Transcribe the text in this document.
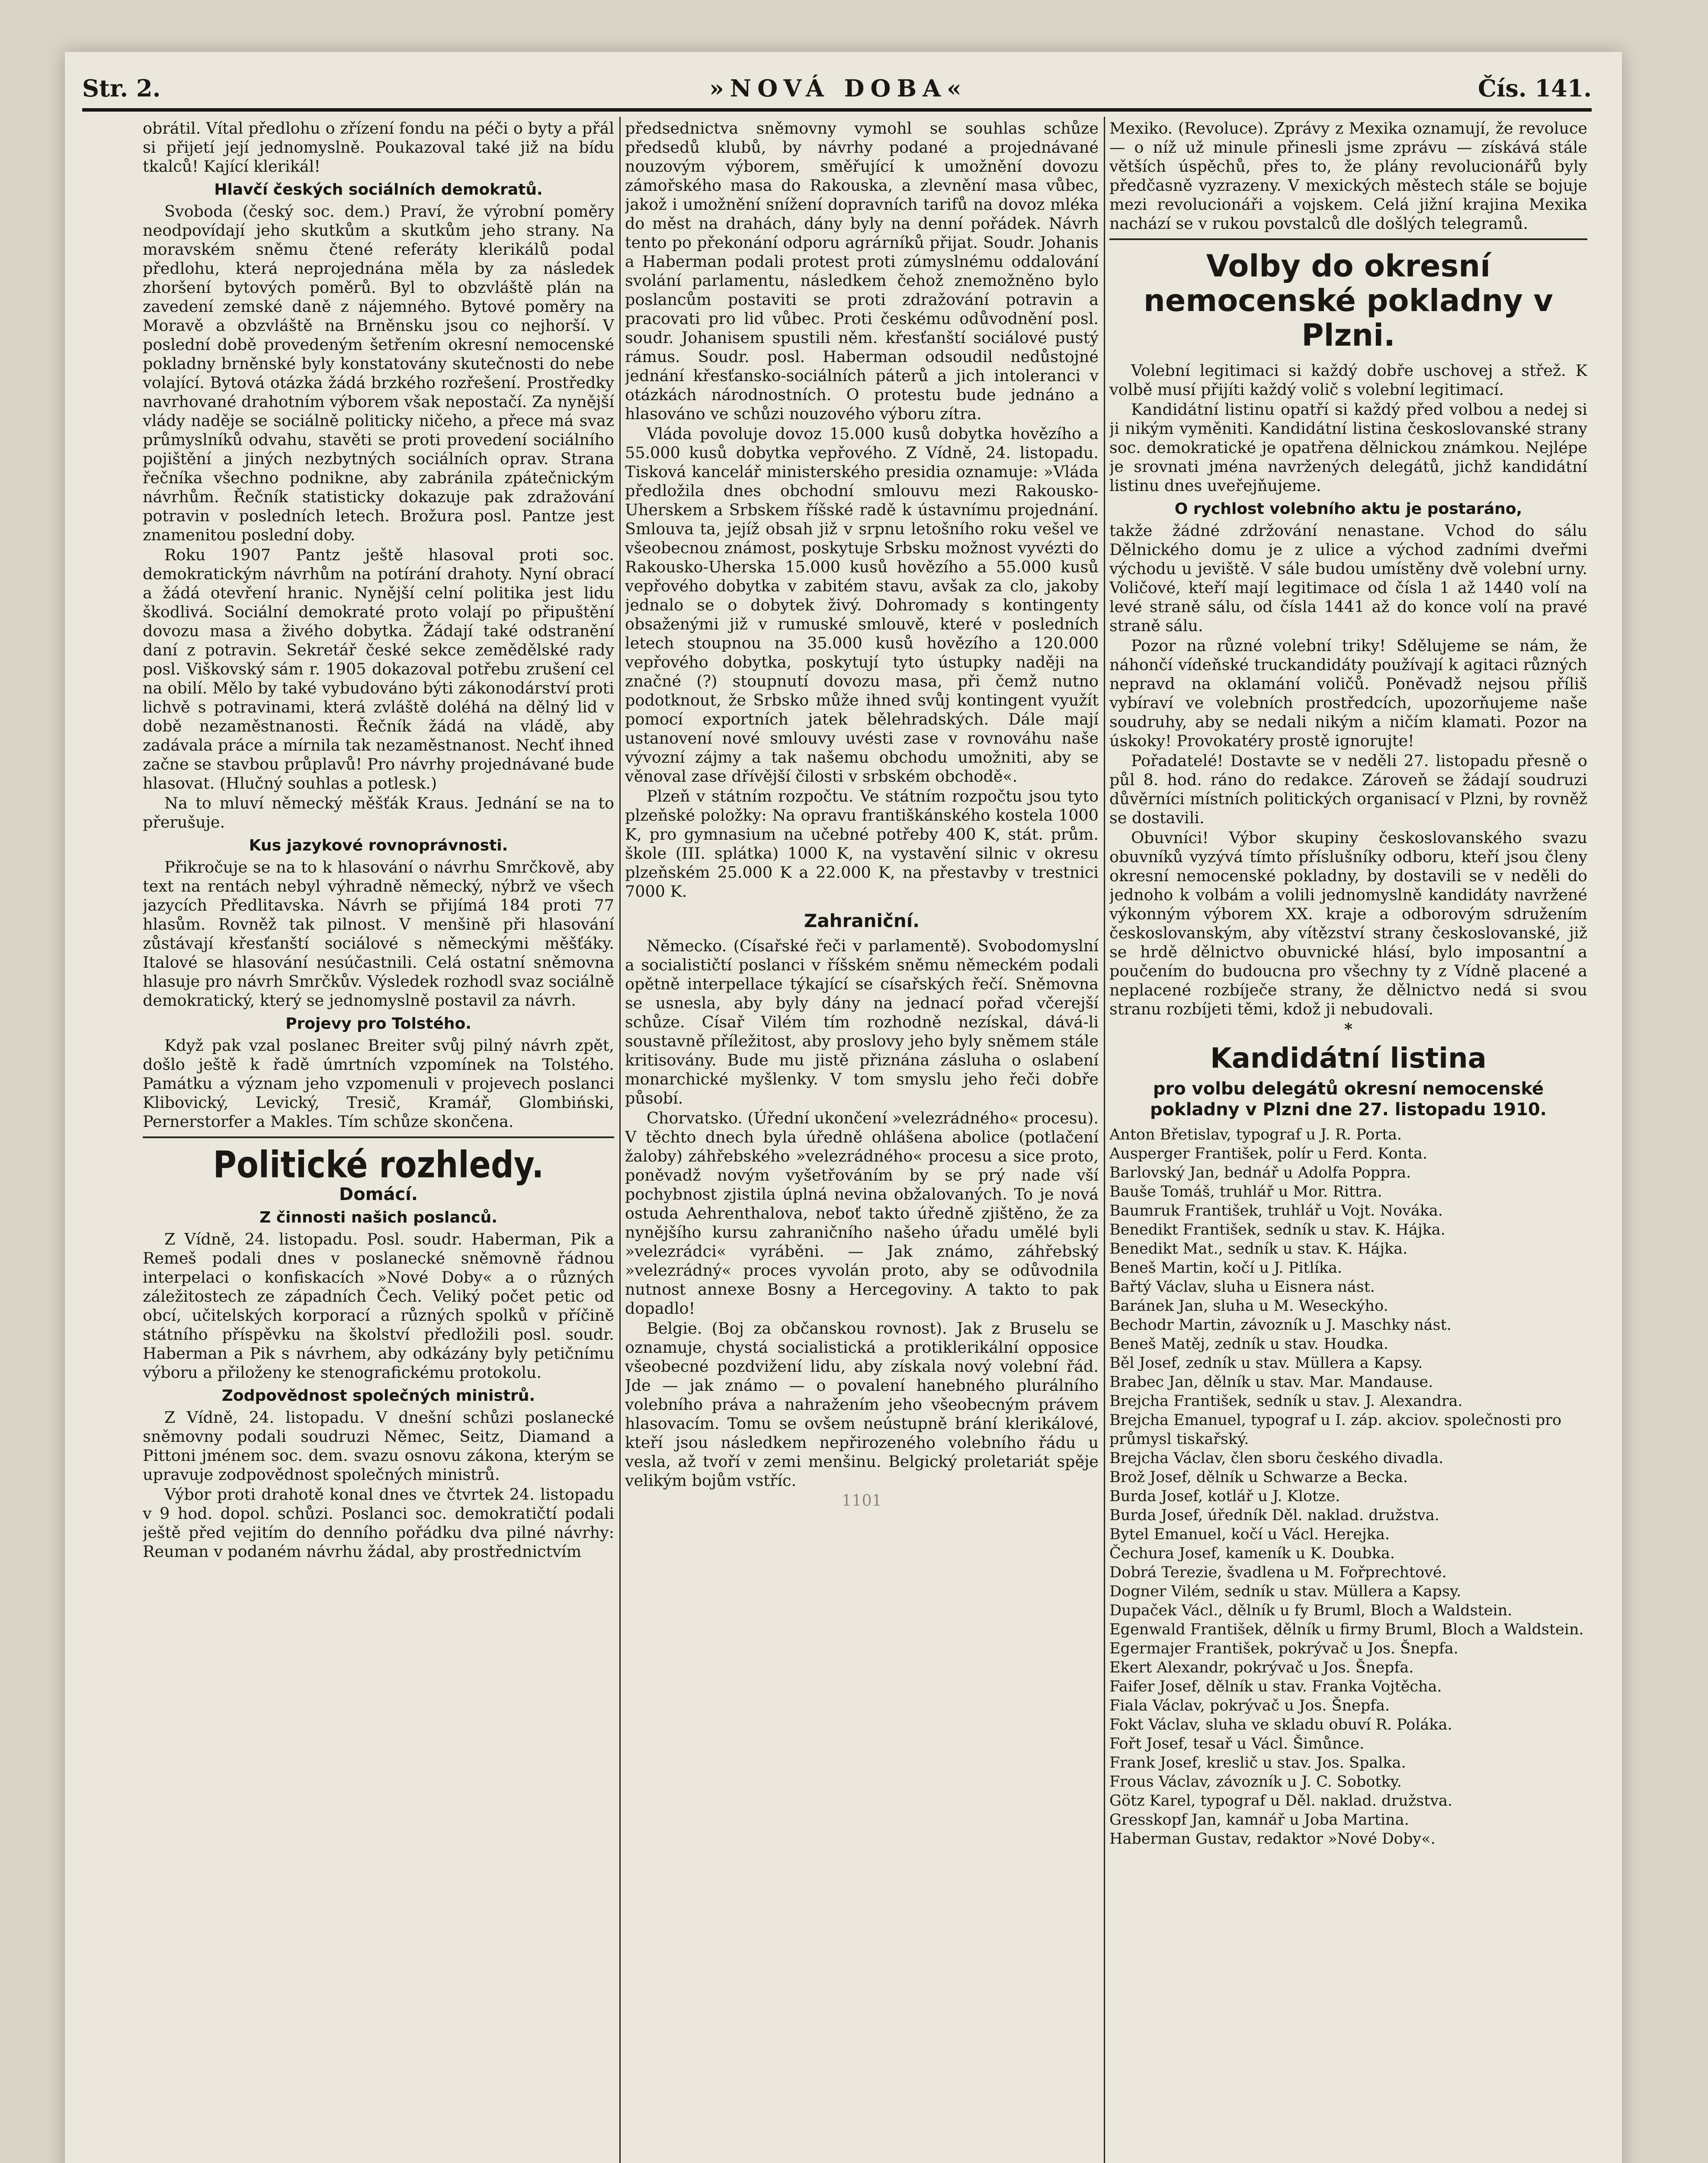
Str. 2.	»NOVÁ DOBA«	Čís. 141.

obrátil. Vítal předlohu o zřízení fondu na péči o byty a přál si přijetí její jednomyslně. Poukazoval také již na bídu tkalců! Kající klerikál!

Hlavčí českých sociálních demokratů.

Svoboda (český soc. dem.) Praví, že výrobní poměry neodpovídají jeho skutkům a skutkům jeho strany. Na moravském sněmu čtené referáty klerikálů podal předlohu, která neprojednána měla by za následek zhoršení bytových poměrů. Byl to obzvláště plán na zavedení zemské daně z nájemného. Bytové poměry na Moravě a obzvláště na Brněnsku jsou co nejhorší. V poslední době provedeným šetřením okresní nemocenské pokladny brněnské byly konstatovány skutečnosti do nebe volající. Bytová otázka žádá brzkého rozřešení. Prostředky navrhované drahotním výborem však nepostačí. Za nynější vlády naděje se sociálně politicky ničeho, a přece má svaz průmyslníků odvahu, stavěti se proti provedení sociálního pojištění a jiných nezbytných sociálních oprav. Strana řečníka všechno podnikne, aby zabránila zpátečnickým návrhům. Řečník statisticky dokazuje pak zdražování potravin v posledních letech. Brožura posl. Pantze jest znamenitou poslední doby.

Roku 1907 Pantz ještě hlasoval proti soc. demokratickým návrhům na potírání drahoty. Nyní obrací a žádá otevření hranic. Nynější celní politika jest lidu škodlivá. Sociální demokraté proto volají po připuštění dovozu masa a živého dobytka. Žádají také odstranění daní z potravin. Sekretář české sekce zemědělské rady posl. Viškovský sám r. 1905 dokazoval potřebu zrušení cel na obilí. Mělo by také vybudováno býti zákonodárství proti lichvě s potravinami, která zvláště doléhá na dělný lid v době nezaměstnanosti. Řečník žádá na vládě, aby zadávala práce a mírnila tak nezaměstnanost. Nechť ihned začne se stavbou průplavů! Pro návrhy projednávané bude hlasovat. (Hlučný souhlas a potlesk.)

Na to mluví německý měšťák Kraus. Jednání se na to přerušuje.

Kus jazykové rovnoprávnosti.

Přikročuje se na to k hlasování o návrhu Smrčkově, aby text na rentách nebyl výhradně německý, nýbrž ve všech jazycích Předlitavska. Návrh se přijímá 184 proti 77 hlasům. Rovněž tak pilnost. V menšině při hlasování zůstávají křesťanští sociálové s německými měšťáky. Italové se hlasování nesúčastnili. Celá ostatní sněmovna hlasuje pro návrh Smrčkův. Výsledek rozhodl svaz sociálně demokratický, který se jednomyslně postavil za návrh.

Projevy pro Tolstého.

Když pak vzal poslanec Breiter svůj pilný návrh zpět, došlo ještě k řadě úmrtních vzpomínek na Tolstého. Památku a význam jeho vzpomenuli v projevech poslanci Klibovický, Levický, Tresič, Kramář, Glombiński, Pernerstorfer a Makles. Tím schůze skončena.

Politické rozhledy.
Domácí.
Z činnosti našich poslanců.

Z Vídně, 24. listopadu. Posl. soudr. Haberman, Pik a Remeš podali dnes v poslanecké sněmovně řádnou interpelaci o konfiskacích »Nové Doby« a o různých záležitostech ze západních Čech. Veliký počet petic od obcí, učitelských korporací a různých spolků v příčině státního příspěvku na školství předložili posl. soudr. Haberman a Pik s návrhem, aby odkázány byly petičnímu výboru a přiloženy ke stenografickému protokolu.

Zodpovědnost společných ministrů.

Z Vídně, 24. listopadu. V dnešní schůzi poslanecké sněmovny podali soudruzi Němec, Seitz, Diamand a Pittoni jménem soc. dem. svazu osnovu zákona, kterým se upravuje zodpovědnost společných ministrů.

Výbor proti drahotě konal dnes ve čtvrtek 24. listopadu v 9 hod. dopol. schůzi. Poslanci soc. demokratičtí podali ještě před vejitím do denního pořádku dva pilné návrhy: Reuman v podaném návrhu žádal, aby prostřednictvím

předsednictva sněmovny vymohl se souhlas schůze předsedů klubů, by návrhy podané a projednávané nouzovým výborem, směřující k umožnění dovozu zámořského masa do Rakouska, a zlevnění masa vůbec, jakož i umožnění snížení dopravních tarifů na dovoz mléka do měst na drahách, dány byly na denní pořádek. Návrh tento po překonání odporu agrárníků přijat. Soudr. Johanis a Haberman podali protest proti zúmyslnému oddalování svolání parlamentu, následkem čehož znemožněno bylo poslancům postaviti se proti zdražování potravin a pracovati pro lid vůbec. Proti českému odůvodnění posl. soudr. Johanisem spustili něm. křesťanští sociálové pustý rámus. Soudr. posl. Haberman odsoudil nedůstojné jednání křesťansko-sociálních páterů a jich intoleranci v otázkách národnostních. O protestu bude jednáno a hlasováno ve schůzi nouzového výboru zítra.

Vláda povoluje dovoz 15.000 kusů dobytka hovězího a 55.000 kusů dobytka vepřového. Z Vídně, 24. listopadu. Tisková kancelář ministerského presidia oznamuje: »Vláda předložila dnes obchodní smlouvu mezi Rakousko-Uherskem a Srbskem říšské radě k ústavnímu projednání. Smlouva ta, jejíž obsah již v srpnu letošního roku vešel ve všeobecnou známost, poskytuje Srbsku možnost vyvézti do Rakousko-Uherska 15.000 kusů hovězího a 55.000 kusů vepřového dobytka v zabitém stavu, avšak za clo, jakoby jednalo se o dobytek živý. Dohromady s kontingenty obsaženými již v rumuské smlouvě, které v posledních letech stoupnou na 35.000 kusů hovězího a 120.000 vepřového dobytka, poskytují tyto ústupky naději na značné (?) stoupnutí dovozu masa, při čemž nutno podotknout, že Srbsko může ihned svůj kontingent využít pomocí exportních jatek bělehradských. Dále mají ustanovení nové smlouvy uvésti zase v rovnováhu naše vývozní zájmy a tak našemu obchodu umožniti, aby se věnoval zase dřívější čilosti v srbském obchodě«.

Plzeň v státním rozpočtu. Ve státním rozpočtu jsou tyto plzeňské položky: Na opravu františkánského kostela 1000 K, pro gymnasium na učebné potřeby 400 K, stát. prům. škole (III. splátka) 1000 K, na vystavění silnic v okresu plzeňském 25.000 K a 22.000 K, na přestavby v trestnici 7000 K.

Zahraniční.

Německo. (Císařské řeči v parlamentě). Svobodomyslní a socialističtí poslanci v říšském sněmu německém podali opětně interpellace týkající se císařských řečí. Sněmovna se usnesla, aby byly dány na jednací pořad včerejší schůze. Císař Vilém tím rozhodně nezískal, dává-li soustavně příležitost, aby proslovy jeho byly sněmem stále kritisovány. Bude mu jistě přiznána zásluha o oslabení monarchické myšlenky. V tom smyslu jeho řeči dobře působí.

Chorvatsko. (Úřední ukončení »velezrádného« procesu). V těchto dnech byla úředně ohlášena abolice (potlačení žaloby) záhřebského »velezrádného« procesu a sice proto, poněvadž novým vyšetřováním by se prý nade vší pochybnost zjistila úplná nevina obžalovaných. To je nová ostuda Aehrenthalova, neboť takto úředně zjištěno, že za nynějšího kursu zahraničního našeho úřadu umělé byli »velezrádci« vyráběni. — Jak známo, záhřebský »velezrádný« proces vyvolán proto, aby se odůvodnila nutnost annexe Bosny a Hercegoviny. A takto to pak dopadlo!

Belgie. (Boj za občanskou rovnost). Jak z Bruselu se oznamuje, chystá socialistická a protiklerikální opposice všeobecné pozdvižení lidu, aby získala nový volební řád. Jde — jak známo — o povalení hanebného plurálního volebního práva a nahražením jeho všeobecným právem hlasovacím. Tomu se ovšem neústupně brání klerikálové, kteří jsou následkem nepřirozeného volebního řádu u vesla, až tvoří v zemi menšinu. Belgický proletariát spěje velikým bojům vstříc.

1101

Mexiko. (Revoluce). Zprávy z Mexika oznamují, že revoluce — o níž už minule přinesli jsme zprávu — získává stále větších úspěchů, přes to, že plány revolucionářů byly předčasně vyzrazeny. V mexických městech stále se bojuje mezi revolucionáři a vojskem. Celá jižní krajina Mexika nachází se v rukou povstalců dle došlých telegramů.

Volby do okresní nemocenské pokladny v Plzni.

Volební legitimaci si každý dobře uschovej a střež. K volbě musí přijíti každý volič s volební legitimací.

Kandidátní listinu opatří si každý před volbou a nedej si ji nikým vyměniti. Kandidátní listina českoslovanské strany soc. demokratické je opatřena dělnickou známkou. Nejlépe je srovnati jména navržených delegátů, jichž kandidátní listinu dnes uveřejňujeme.

O rychlost volebního aktu je postaráno,

takže žádné zdržování nenastane. Vchod do sálu Dělnického domu je z ulice a východ zadními dveřmi východu u jeviště. V sále budou umístěny dvě volební urny. Voličové, kteří mají legitimace od čísla 1 až 1440 volí na levé straně sálu, od čísla 1441 až do konce volí na pravé straně sálu.

Pozor na různé volební triky! Sdělujeme se nám, že náhončí vídeňské truckandidáty používají k agitaci různých nepravd na oklamání voličů. Poněvadž nejsou příliš vybíraví ve volebních prostředcích, upozorňujeme naše soudruhy, aby se nedali nikým a ničím klamati. Pozor na úskoky! Provokatéry prostě ignorujte!

Pořadatelé! Dostavte se v neděli 27. listopadu přesně o půl 8. hod. ráno do redakce. Zároveň se žádají soudruzi důvěrníci místních politických organisací v Plzni, by rovněž se dostavili.

Obuvníci! Výbor skupiny českoslovanského svazu obuvníků vyzývá tímto příslušníky odboru, kteří jsou členy okresní nemocenské pokladny, by dostavili se v neděli do jednoho k volbám a volili jednomyslně kandidáty navržené výkonným výborem XX. kraje a odborovým sdružením českoslovanským, aby vítězství strany českoslovanské, již se hrdě dělnictvo obuvnické hlásí, bylo imposantní a poučením do budoucna pro všechny ty z Vídně placené a neplacené rozbíječe strany, že dělnictvo nedá si svou stranu rozbíjeti těmi, kdož ji nebudovali.

*
Kandidátní listina
pro volbu delegátů okresní nemocenské pokladny v Plzni dne 27. listopadu 1910.
Anton Břetislav, typograf u J. R. Porta.
Ausperger František, polír u Ferd. Konta.
Barlovský Jan, bednář u Adolfa Poppra.
Bauše Tomáš, truhlář u Mor. Rittra.
Baumruk František, truhlář u Vojt. Nováka.
Benedikt František, sedník u stav. K. Hájka.
Benedikt Mat., sedník u stav. K. Hájka.
Beneš Martin, kočí u J. Pitlíka.
Bařtý Václav, sluha u Eisnera nást.
Baránek Jan, sluha u M. Weseckýho.
Bechodr Martin, závozník u J. Maschky nást.
Beneš Matěj, zedník u stav. Houdka.
Běl Josef, zedník u stav. Müllera a Kapsy.
Brabec Jan, dělník u stav. Mar. Mandause.
Brejcha František, sedník u stav. J. Alexandra.
Brejcha Emanuel, typograf u I. záp. akciov. společnosti pro průmysl tiskařský.
Brejcha Václav, člen sboru českého divadla.
Brož Josef, dělník u Schwarze a Becka.
Burda Josef, kotlář u J. Klotze.
Burda Josef, úředník Děl. naklad. družstva.
Bytel Emanuel, kočí u Václ. Herejka.
Čechura Josef, kameník u K. Doubka.
Dobrá Terezie, švadlena u M. Fořprechtové.
Dogner Vilém, sedník u stav. Müllera a Kapsy.
Dupaček Václ., dělník u fy Bruml, Bloch a Waldstein.
Egenwald František, dělník u firmy Bruml, Bloch a Waldstein.
Egermajer František, pokrývač u Jos. Šnepfa.
Ekert Alexandr, pokrývač u Jos. Šnepfa.
Faifer Josef, dělník u stav. Franka Vojtěcha.
Fiala Václav, pokrývač u Jos. Šnepfa.
Fokt Václav, sluha ve skladu obuví R. Poláka.
Fořt Josef, tesař u Václ. Šimůnce.
Frank Josef, kreslič u stav. Jos. Spalka.
Frous Václav, závozník u J. C. Sobotky.
Götz Karel, typograf u Děl. naklad. družstva.
Gresskopf Jan, kamnář u Joba Martina.
Haberman Gustav, redaktor »Nové Doby«.
